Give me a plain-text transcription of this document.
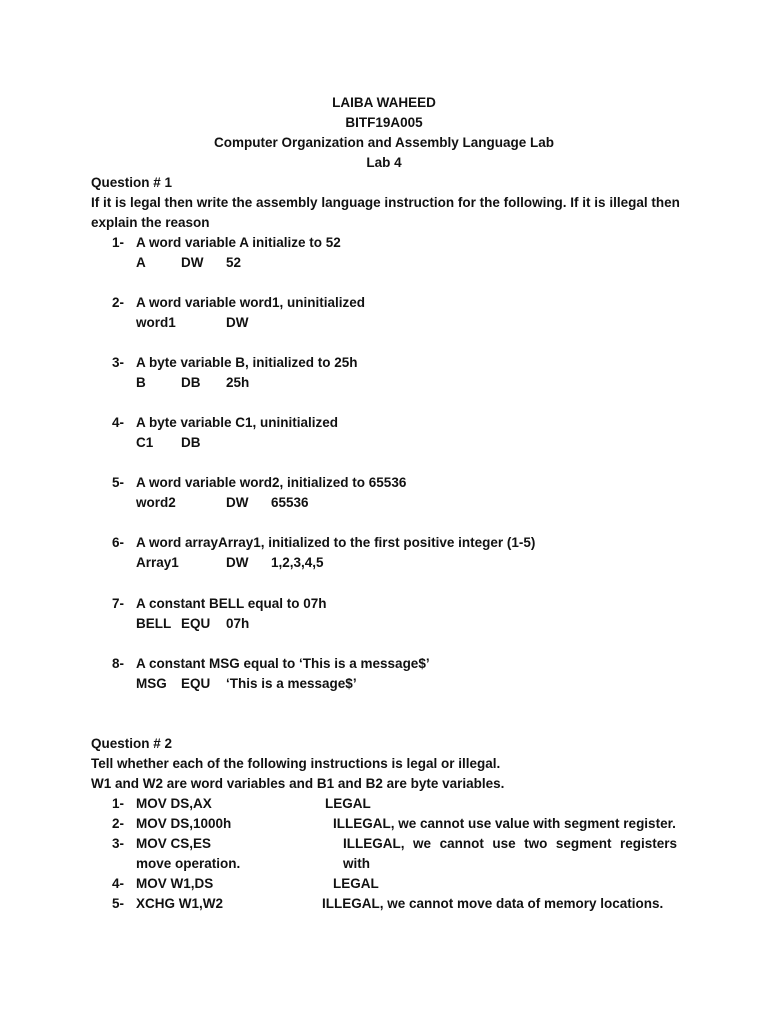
LAIBA WAHEED
BITF19A005
Computer Organization and Assembly Language Lab
Lab 4
Question # 1
If it is legal then write the assembly language instruction for the following. If it is illegal then
explain the reason
1- A word variable A initialize to 52
A	DW 52
2- A word variable word1, uninitialized
word1	DW
3- A byte variable B, initialized to 25h
B	DB 25h
4- A byte variable C1, uninitialized
C1 DB
5- A word variable word2, initialized to 65536
word2	DW 65536
6- A word arrayArray1, initialized to the first positive integer (1-5)
Array1	DW 1,2,3,4,5
7- A constant BELL equal to 07h
BELL EQU 07h
8- A constant MSG equal to ‘This is a message$’
MSG EQU ‘This is a message$’
Question # 2
Tell whether each of the following instructions is legal or illegal.
W1 and W2 are word variables and B1 and B2 are byte variables.
1- MOV DS,AX	LEGAL
2- MOV DS,1000h	ILLEGAL, we cannot use value with segment register.
3- MOV CS,ES	ILLEGAL, we cannot use two segment registers with
move operation.
4- MOV W1,DS	LEGAL
5- XCHG W1,W2	ILLEGAL, we cannot move data of memory locations.
